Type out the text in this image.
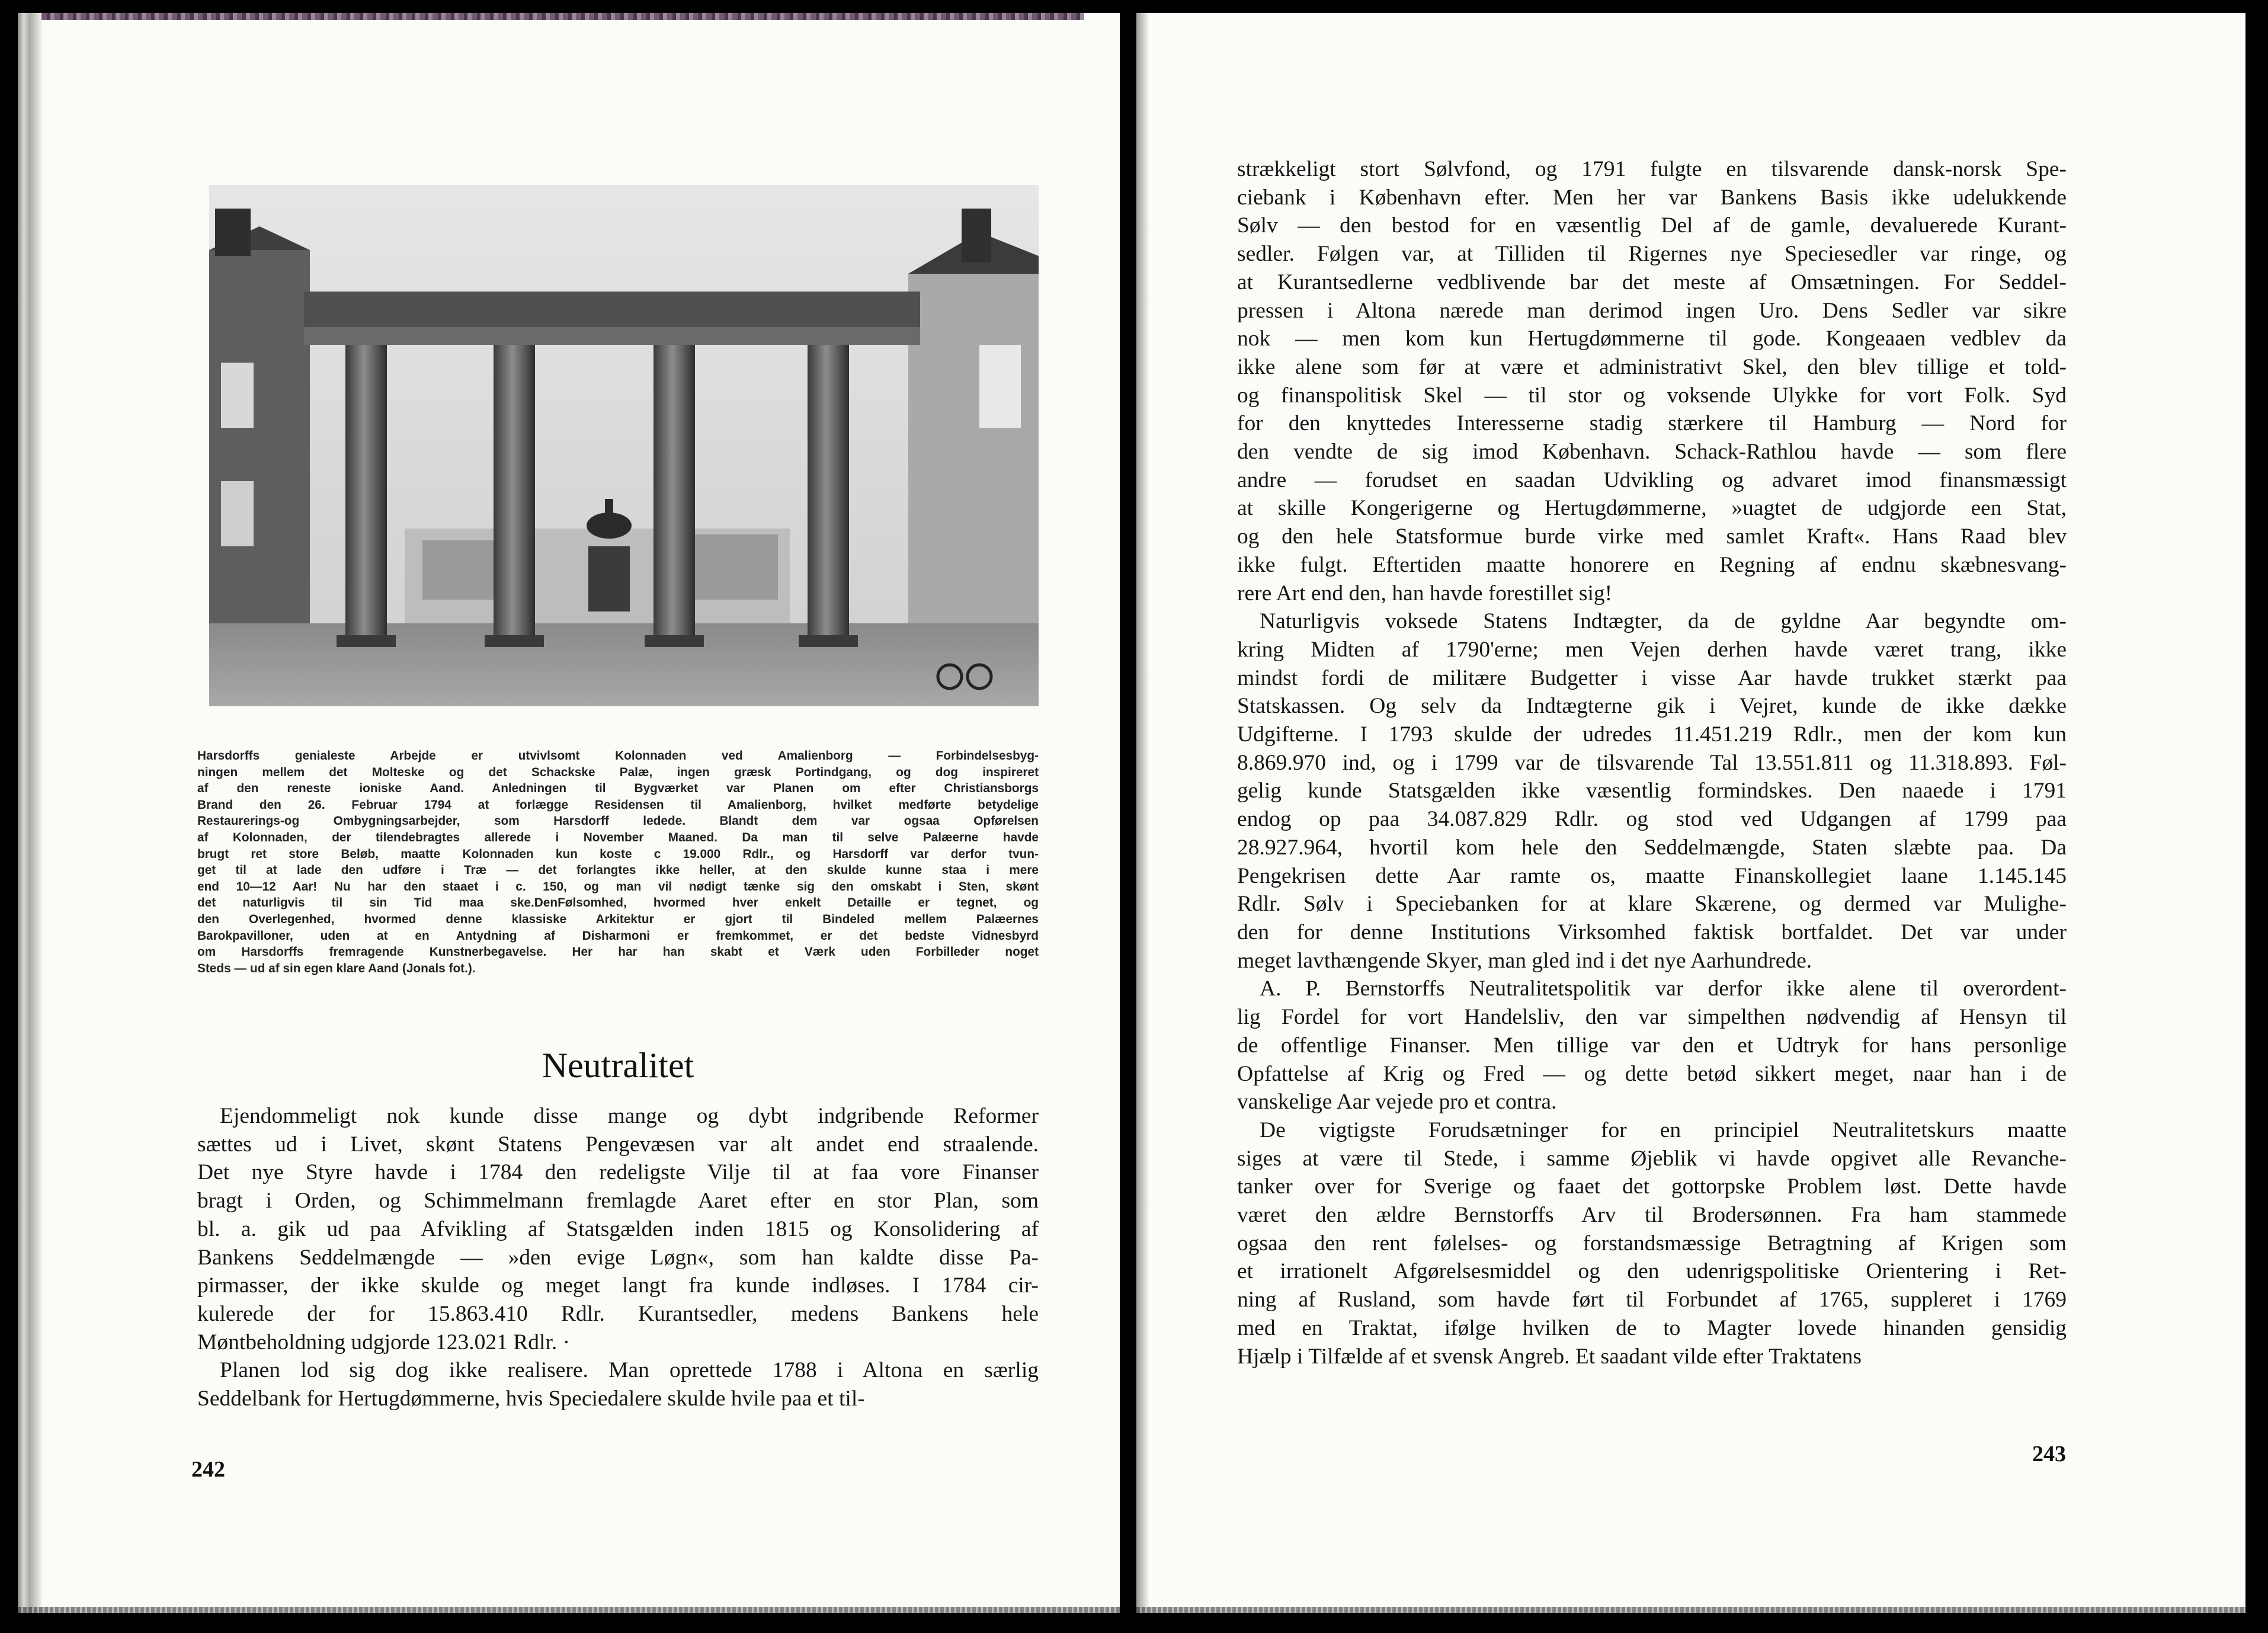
Harsdorffs genialeste Arbejde er utvivlsomt Kolonnaden ved Amalienborg — Forbindelsesbyg-
ningen mellem det Molteske og det Schackske Palæ, ingen græsk Portindgang, og dog inspireret
af den reneste ioniske Aand. Anledningen til Bygværket var Planen om efter Christiansborgs
Brand den 26. Februar 1794 at forlægge Residensen til Amalienborg, hvilket medførte betydelige
Restaurerings-og Ombygningsarbejder, som Harsdorff ledede. Blandt dem var ogsaa Opførelsen
af Kolonnaden, der tilendebragtes allerede i November Maaned. Da man til selve Palæerne havde
brugt ret store Beløb, maatte Kolonnaden kun koste c 19.000 Rdlr., og Harsdorff var derfor tvun-
get til at lade den udføre i Træ — det forlangtes ikke heller, at den skulde kunne staa i mere
end 10—12 Aar! Nu har den staaet i c. 150, og man vil nødigt tænke sig den omskabt i Sten, skønt
det naturligvis til sin Tid maa ske.DenFølsomhed, hvormed hver enkelt Detaille er tegnet, og
den Overlegenhed, hvormed denne klassiske Arkitektur er gjort til Bindeled mellem Palæernes
Barokpavilloner, uden at en Antydning af Disharmoni er fremkommet, er det bedste Vidnesbyrd
om Harsdorffs fremragende Kunstnerbegavelse. Her har han skabt et Værk uden Forbilleder noget
Steds — ud af sin egen klare Aand (Jonals fot.).
Neutralitet
Ejendommeligt nok kunde disse mange og dybt indgribende Reformer
sættes ud i Livet, skønt Statens Pengevæsen var alt andet end straalende.
Det nye Styre havde i 1784 den redeligste Vilje til at faa vore Finanser
bragt i Orden, og Schimmelmann fremlagde Aaret efter en stor Plan, som
bl. a. gik ud paa Afvikling af Statsgælden inden 1815 og Konsolidering af
Bankens Seddelmængde — »den evige Løgn«, som han kaldte disse Pa-
pirmasser, der ikke skulde og meget langt fra kunde indløses. I 1784 cir-
kulerede der for 15.863.410 Rdlr. Kurantsedler, medens Bankens hele
Møntbeholdning udgjorde 123.021 Rdlr. ·
Planen lod sig dog ikke realisere. Man oprettede 1788 i Altona en særlig
Seddelbank for Hertugdømmerne, hvis Speciedalere skulde hvile paa et til-
242
strækkeligt stort Sølvfond, og 1791 fulgte en tilsvarende dansk-norsk Spe-
ciebank i København efter. Men her var Bankens Basis ikke udelukkende
Sølv — den bestod for en væsentlig Del af de gamle, devaluerede Kurant-
sedler. Følgen var, at Tilliden til Rigernes nye Speciesedler var ringe, og
at Kurantsedlerne vedblivende bar det meste af Omsætningen. For Seddel-
pressen i Altona nærede man derimod ingen Uro. Dens Sedler var sikre
nok — men kom kun Hertugdømmerne til gode. Kongeaaen vedblev da
ikke alene som før at være et administrativt Skel, den blev tillige et told-
og finanspolitisk Skel — til stor og voksende Ulykke for vort Folk. Syd
for den knyttedes Interesserne stadig stærkere til Hamburg — Nord for
den vendte de sig imod København. Schack-Rathlou havde — som flere
andre — forudset en saadan Udvikling og advaret imod finansmæssigt
at skille Kongerigerne og Hertugdømmerne, »uagtet de udgjorde een Stat,
og den hele Statsformue burde virke med samlet Kraft«. Hans Raad blev
ikke fulgt. Eftertiden maatte honorere en Regning af endnu skæbnesvang-
rere Art end den, han havde forestillet sig!
Naturligvis voksede Statens Indtægter, da de gyldne Aar begyndte om-
kring Midten af 1790'erne; men Vejen derhen havde været trang, ikke
mindst fordi de militære Budgetter i visse Aar havde trukket stærkt paa
Statskassen. Og selv da Indtægterne gik i Vejret, kunde de ikke dække
Udgifterne. I 1793 skulde der udredes 11.451.219 Rdlr., men der kom kun
8.869.970 ind, og i 1799 var de tilsvarende Tal 13.551.811 og 11.318.893. Føl-
gelig kunde Statsgælden ikke væsentlig formindskes. Den naaede i 1791
endog op paa 34.087.829 Rdlr. og stod ved Udgangen af 1799 paa
28.927.964, hvortil kom hele den Seddelmængde, Staten slæbte paa. Da
Pengekrisen dette Aar ramte os, maatte Finanskollegiet laane 1.145.145
Rdlr. Sølv i Speciebanken for at klare Skærene, og dermed var Mulighe-
den for denne Institutions Virksomhed faktisk bortfaldet. Det var under
meget lavthængende Skyer, man gled ind i det nye Aarhundrede.
A. P. Bernstorffs Neutralitetspolitik var derfor ikke alene til overordent-
lig Fordel for vort Handelsliv, den var simpelthen nødvendig af Hensyn til
de offentlige Finanser. Men tillige var den et Udtryk for hans personlige
Opfattelse af Krig og Fred — og dette betød sikkert meget, naar han i de
vanskelige Aar vejede pro et contra.
De vigtigste Forudsætninger for en principiel Neutralitetskurs maatte
siges at være til Stede, i samme Øjeblik vi havde opgivet alle Revanche-
tanker over for Sverige og faaet det gottorpske Problem løst. Dette havde
været den ældre Bernstorffs Arv til Brodersønnen. Fra ham stammede
ogsaa den rent følelses- og forstandsmæssige Betragtning af Krigen som
et irrationelt Afgørelsesmiddel og den udenrigspolitiske Orientering i Ret-
ning af Rusland, som havde ført til Forbundet af 1765, suppleret i 1769
med en Traktat, ifølge hvilken de to Magter lovede hinanden gensidig
Hjælp i Tilfælde af et svensk Angreb. Et saadant vilde efter Traktatens
243
